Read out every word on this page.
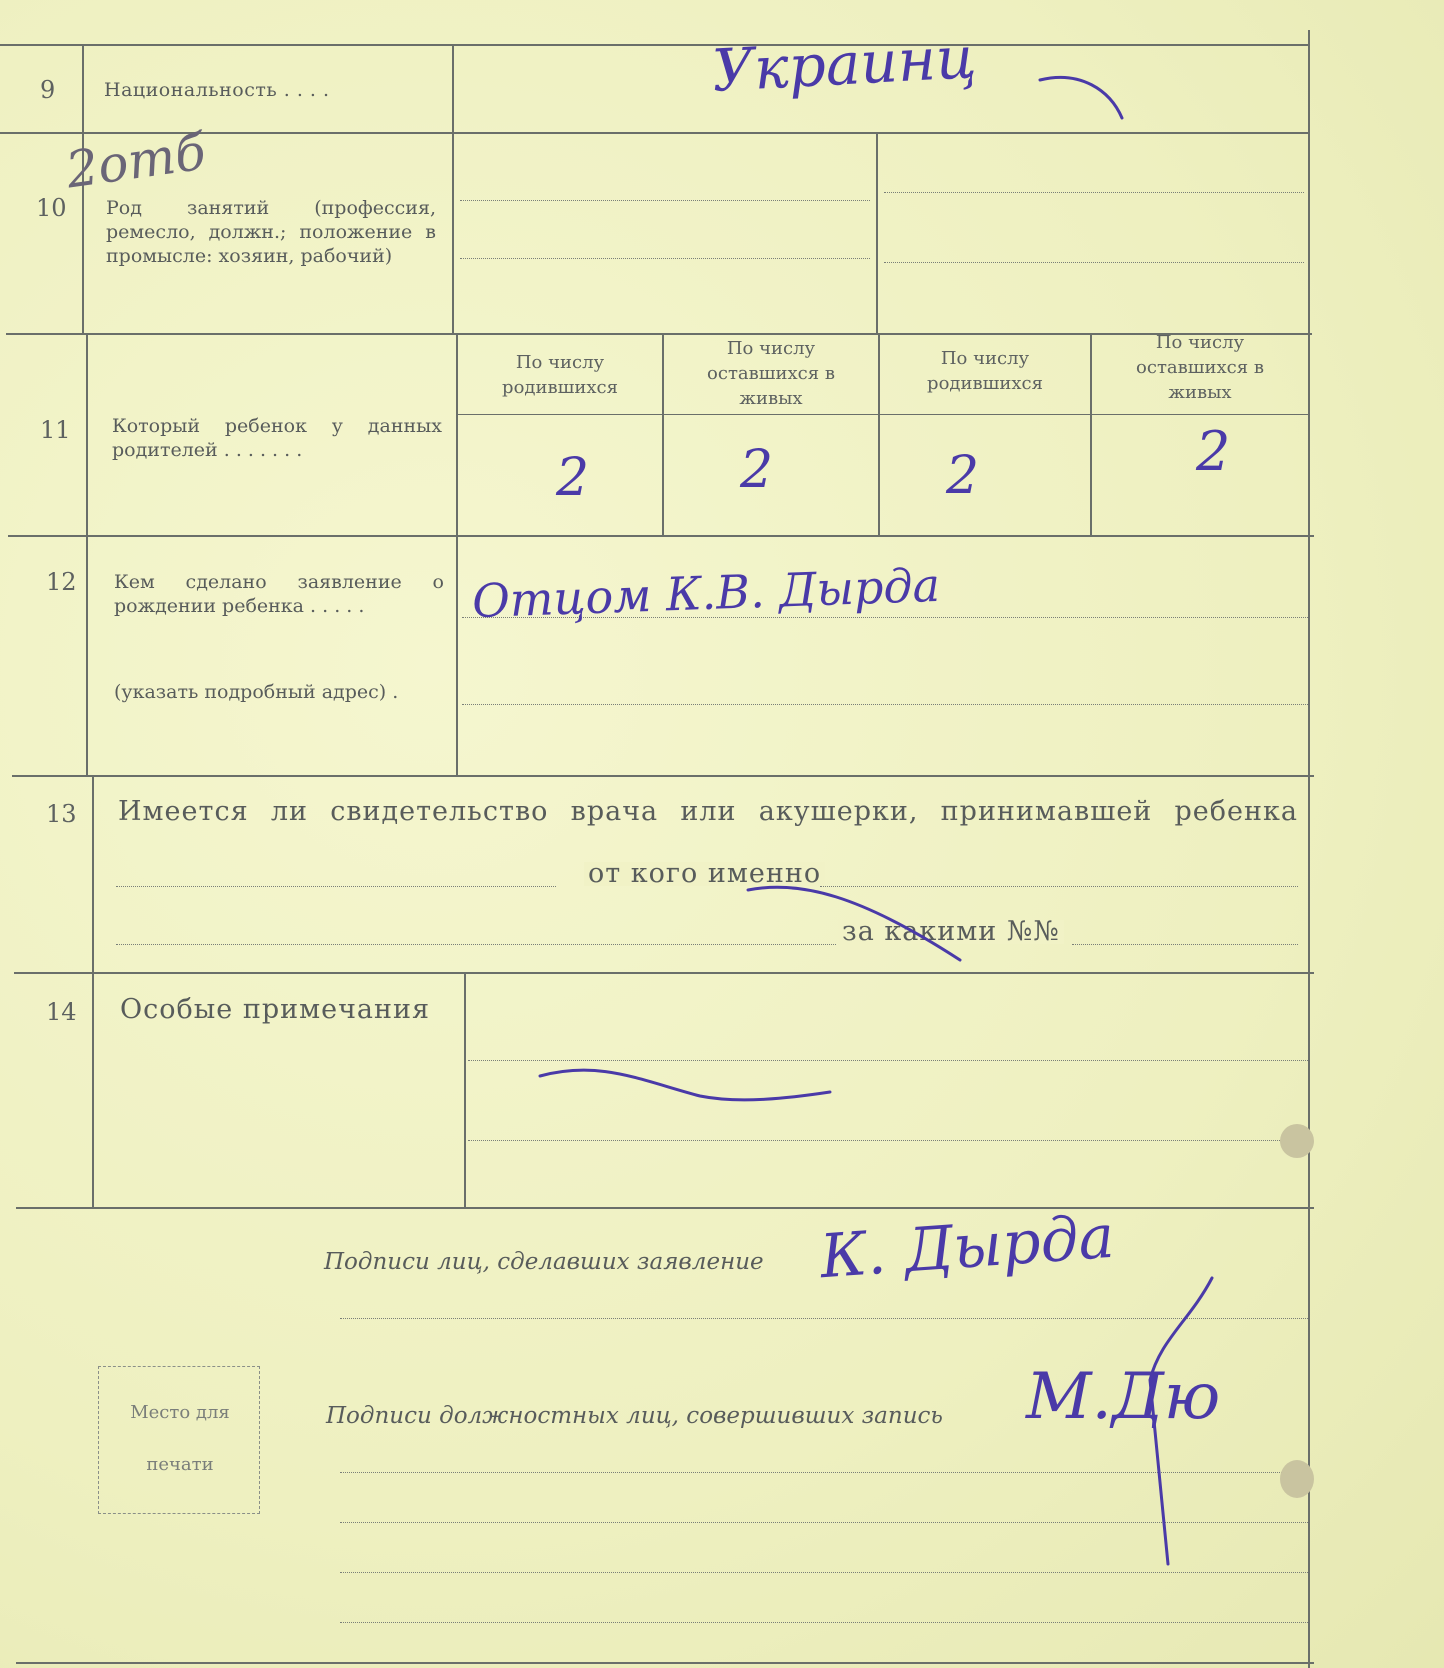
9	Национальность . . . .	Украинц
2отб
10 Род занятий (профессия, ремесло, должн.; положение в промысле: хозяин, рабочий)
11 Который ребенок у данных родителей . . . . . . .
По числу родившихся
По числу оставшихся в живых
По числу родившихся
По числу оставшихся в живых
2	2	2	2
12 Кем сделано заявление о рождении ребенка . . . . .
(указать подробный адрес) .
Отцом К.В. Дырда
13 Имеется ли свидетельство врача или акушерки, принимавшей ребенка
от кого именно
за какими №№
14 Особые примечания
Подписи лиц, сделавших заявление К. Дырда
Подписи должностных лиц, совершивших запись М.Дю
Место для
печати
